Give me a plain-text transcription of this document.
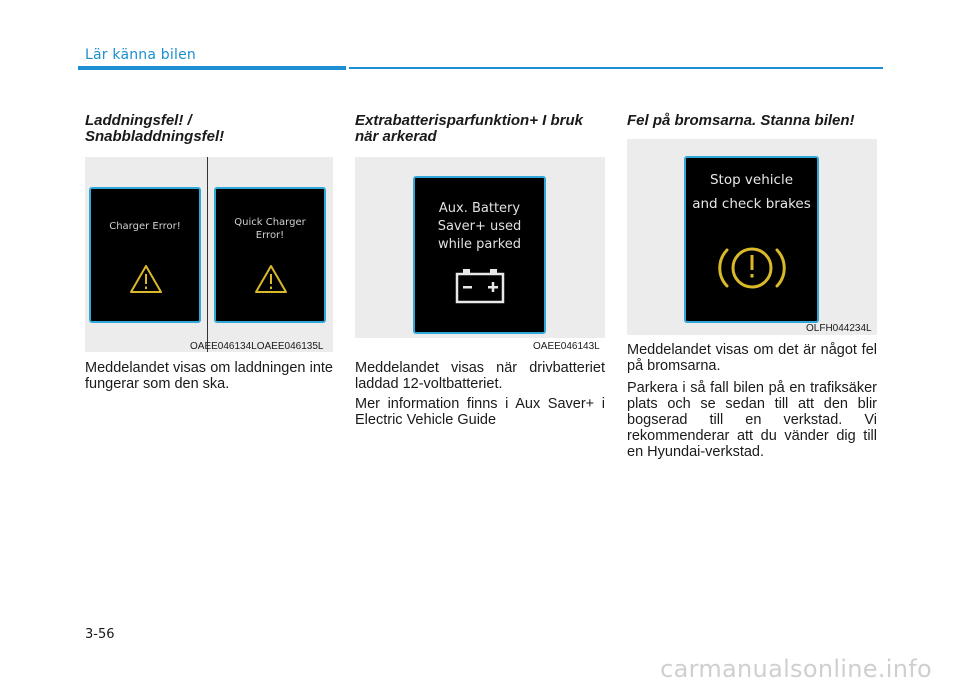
Lär känna bilen
Laddningsfel! /
Snabbladdningsfel!
Charger Error!	Quick Charger
Error!
OAEE046134LOAEE046135L

Meddelandet visas om laddningen inte fungerar som den ska.

Extrabatterisparfunktion+ I bruk
när arkerad
Aux. Battery
Saver+ used
while parked
OAEE046143L

Meddelandet visas när drivbatteriet laddad 12-voltbatteriet.

Mer information finns i Aux Saver+ i Electric Vehicle Guide

Fel på bromsarna. Stanna bilen!
Stop vehicle
and check brakes
OLFH044234L

Meddelandet visas om det är något fel på bromsarna.

Parkera i så fall bilen på en trafiksäker plats och se sedan till att den blir bogserad till en verkstad. Vi rekommenderar att du vänder dig till en Hyundai-verkstad.

3-56
carmanualsonline.info
